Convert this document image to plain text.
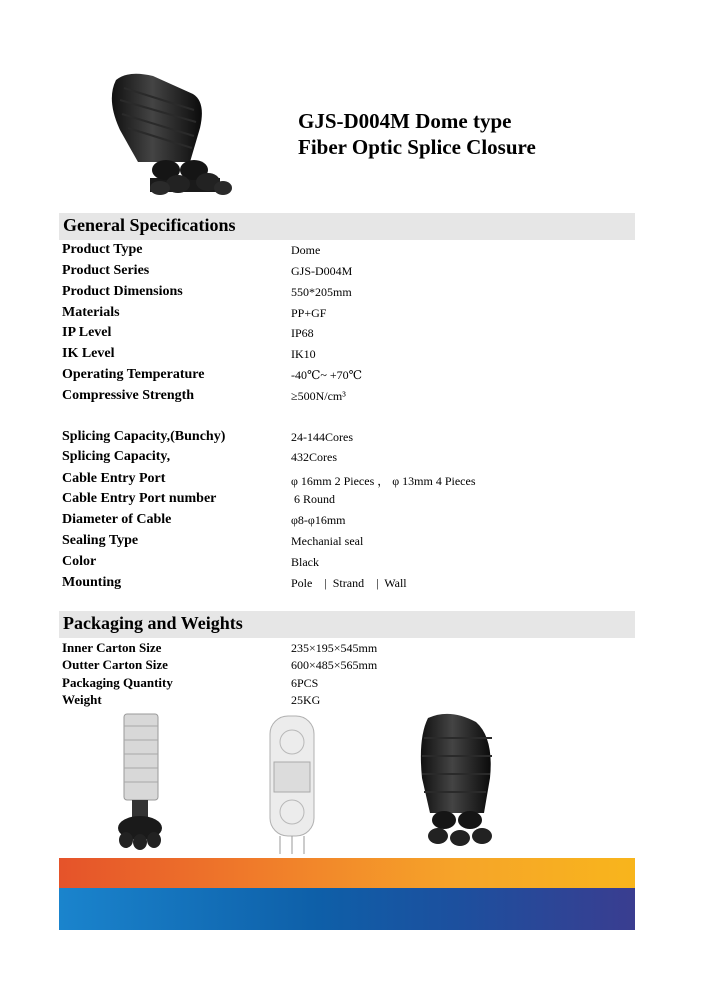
GJS-D004M Dome type
Fiber Optic Splice Closure
General Specifications
Product Type	Dome
Product Series	GJS-D004M
Product Dimensions	550*205mm
Materials	PP+GF
IP Level	IP68
IK Level	IK10
Operating Temperature	-40℃~ +70℃
Compressive Strength	≥500N/cm³
Splicing Capacity,(Bunchy)	24-144Cores
Splicing Capacity,	432Cores
Cable Entry Port	φ 16mm 2 Pieces ， φ 13mm 4 Pieces
Cable Entry Port number	6 Round
Diameter of Cable	φ8-φ16mm
Sealing Type	Mechanial seal
Color	Black
Mounting	Pole    |  Strand    |  Wall
Packaging and Weights
Inner Carton Size	235×195×545mm
Outter Carton Size	600×485×565mm
Packaging Quantity	6PCS
Weight	25KG
